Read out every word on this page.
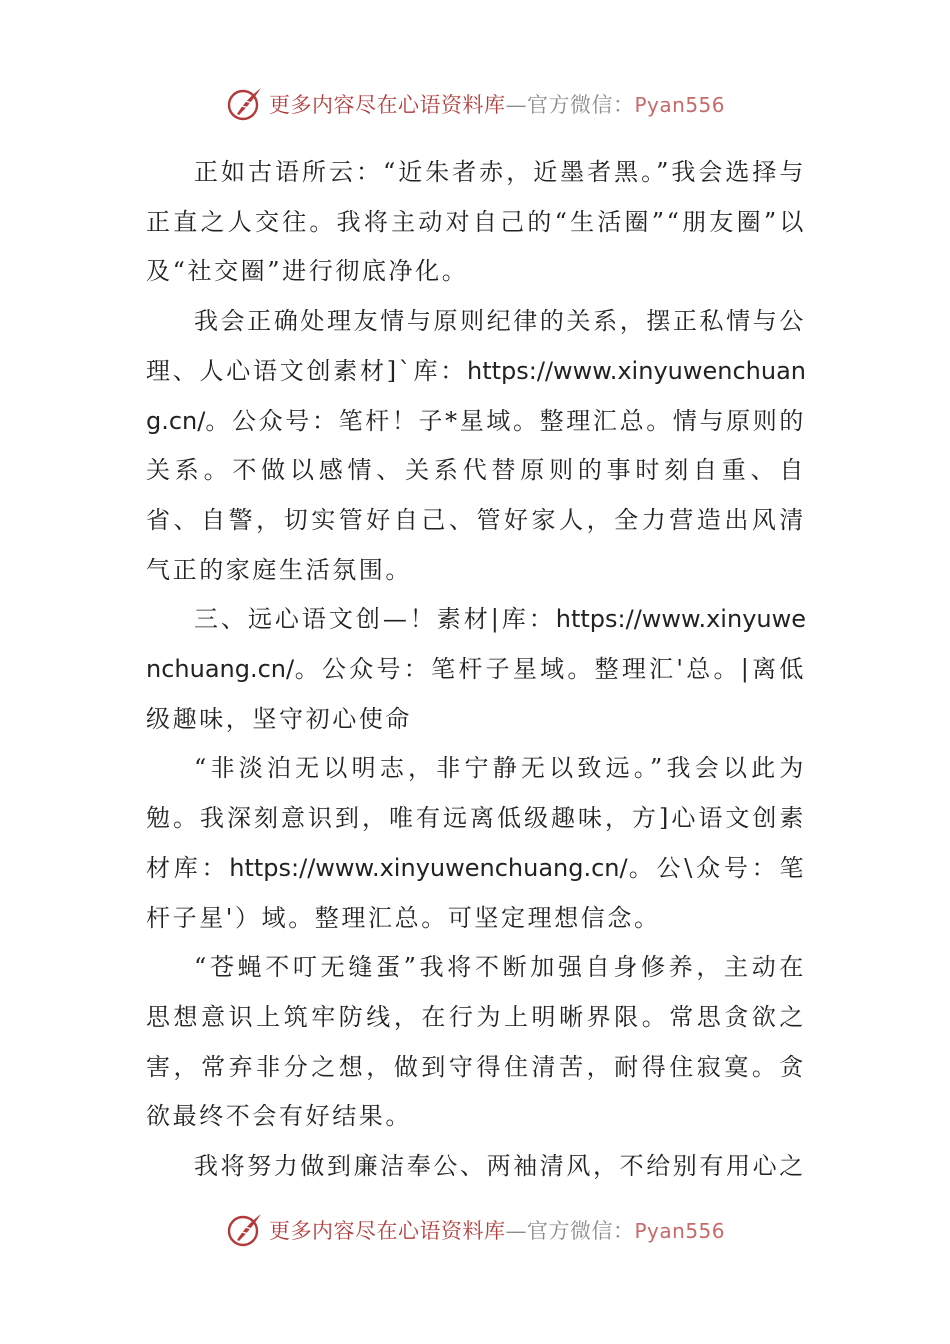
更多内容尽在心语资料库—官方微信：Pyan556

正如古语所云：“近朱者赤，近墨者黑。”我会选择与正直之人交往。我将主动对自己的“生活圈”“朋友圈”以及“社交圈”进行彻底净化。

我会正确处理友情与原则纪律的关系，摆正私情与公理、人心语文创素材]`库：https://www.xinyuwenchuang.cn/。公众号：笔杆！子*星域。整理汇总。情与原则的关系。不做以感情、关系代替原则的事时刻自重、自省、自警，切实管好自己、管好家人，全力营造出风清气正的家庭生活氛围。

三、远心语文创—！素材|库：https://www.xinyuwenchuang.cn/。公众号：笔杆子星域。整理汇'总。|离低级趣味，坚守初心使命

“非淡泊无以明志，非宁静无以致远。”我会以此为勉。我深刻意识到，唯有远离低级趣味，方]心语文创素材库：https://www.xinyuwenchuang.cn/。公\众号：笔杆子星'）域。整理汇总。可坚定理想信念。

“苍蝇不叮无缝蛋”我将不断加强自身修养，主动在思想意识上筑牢防线，在行为上明晰界限。常思贪欲之害，常弃非分之想，做到守得住清苦，耐得住寂寞。贪欲最终不会有好结果。

我将努力做到廉洁奉公、两袖清风，不给别有用心之

更多内容尽在心语资料库—官方微信：Pyan556
